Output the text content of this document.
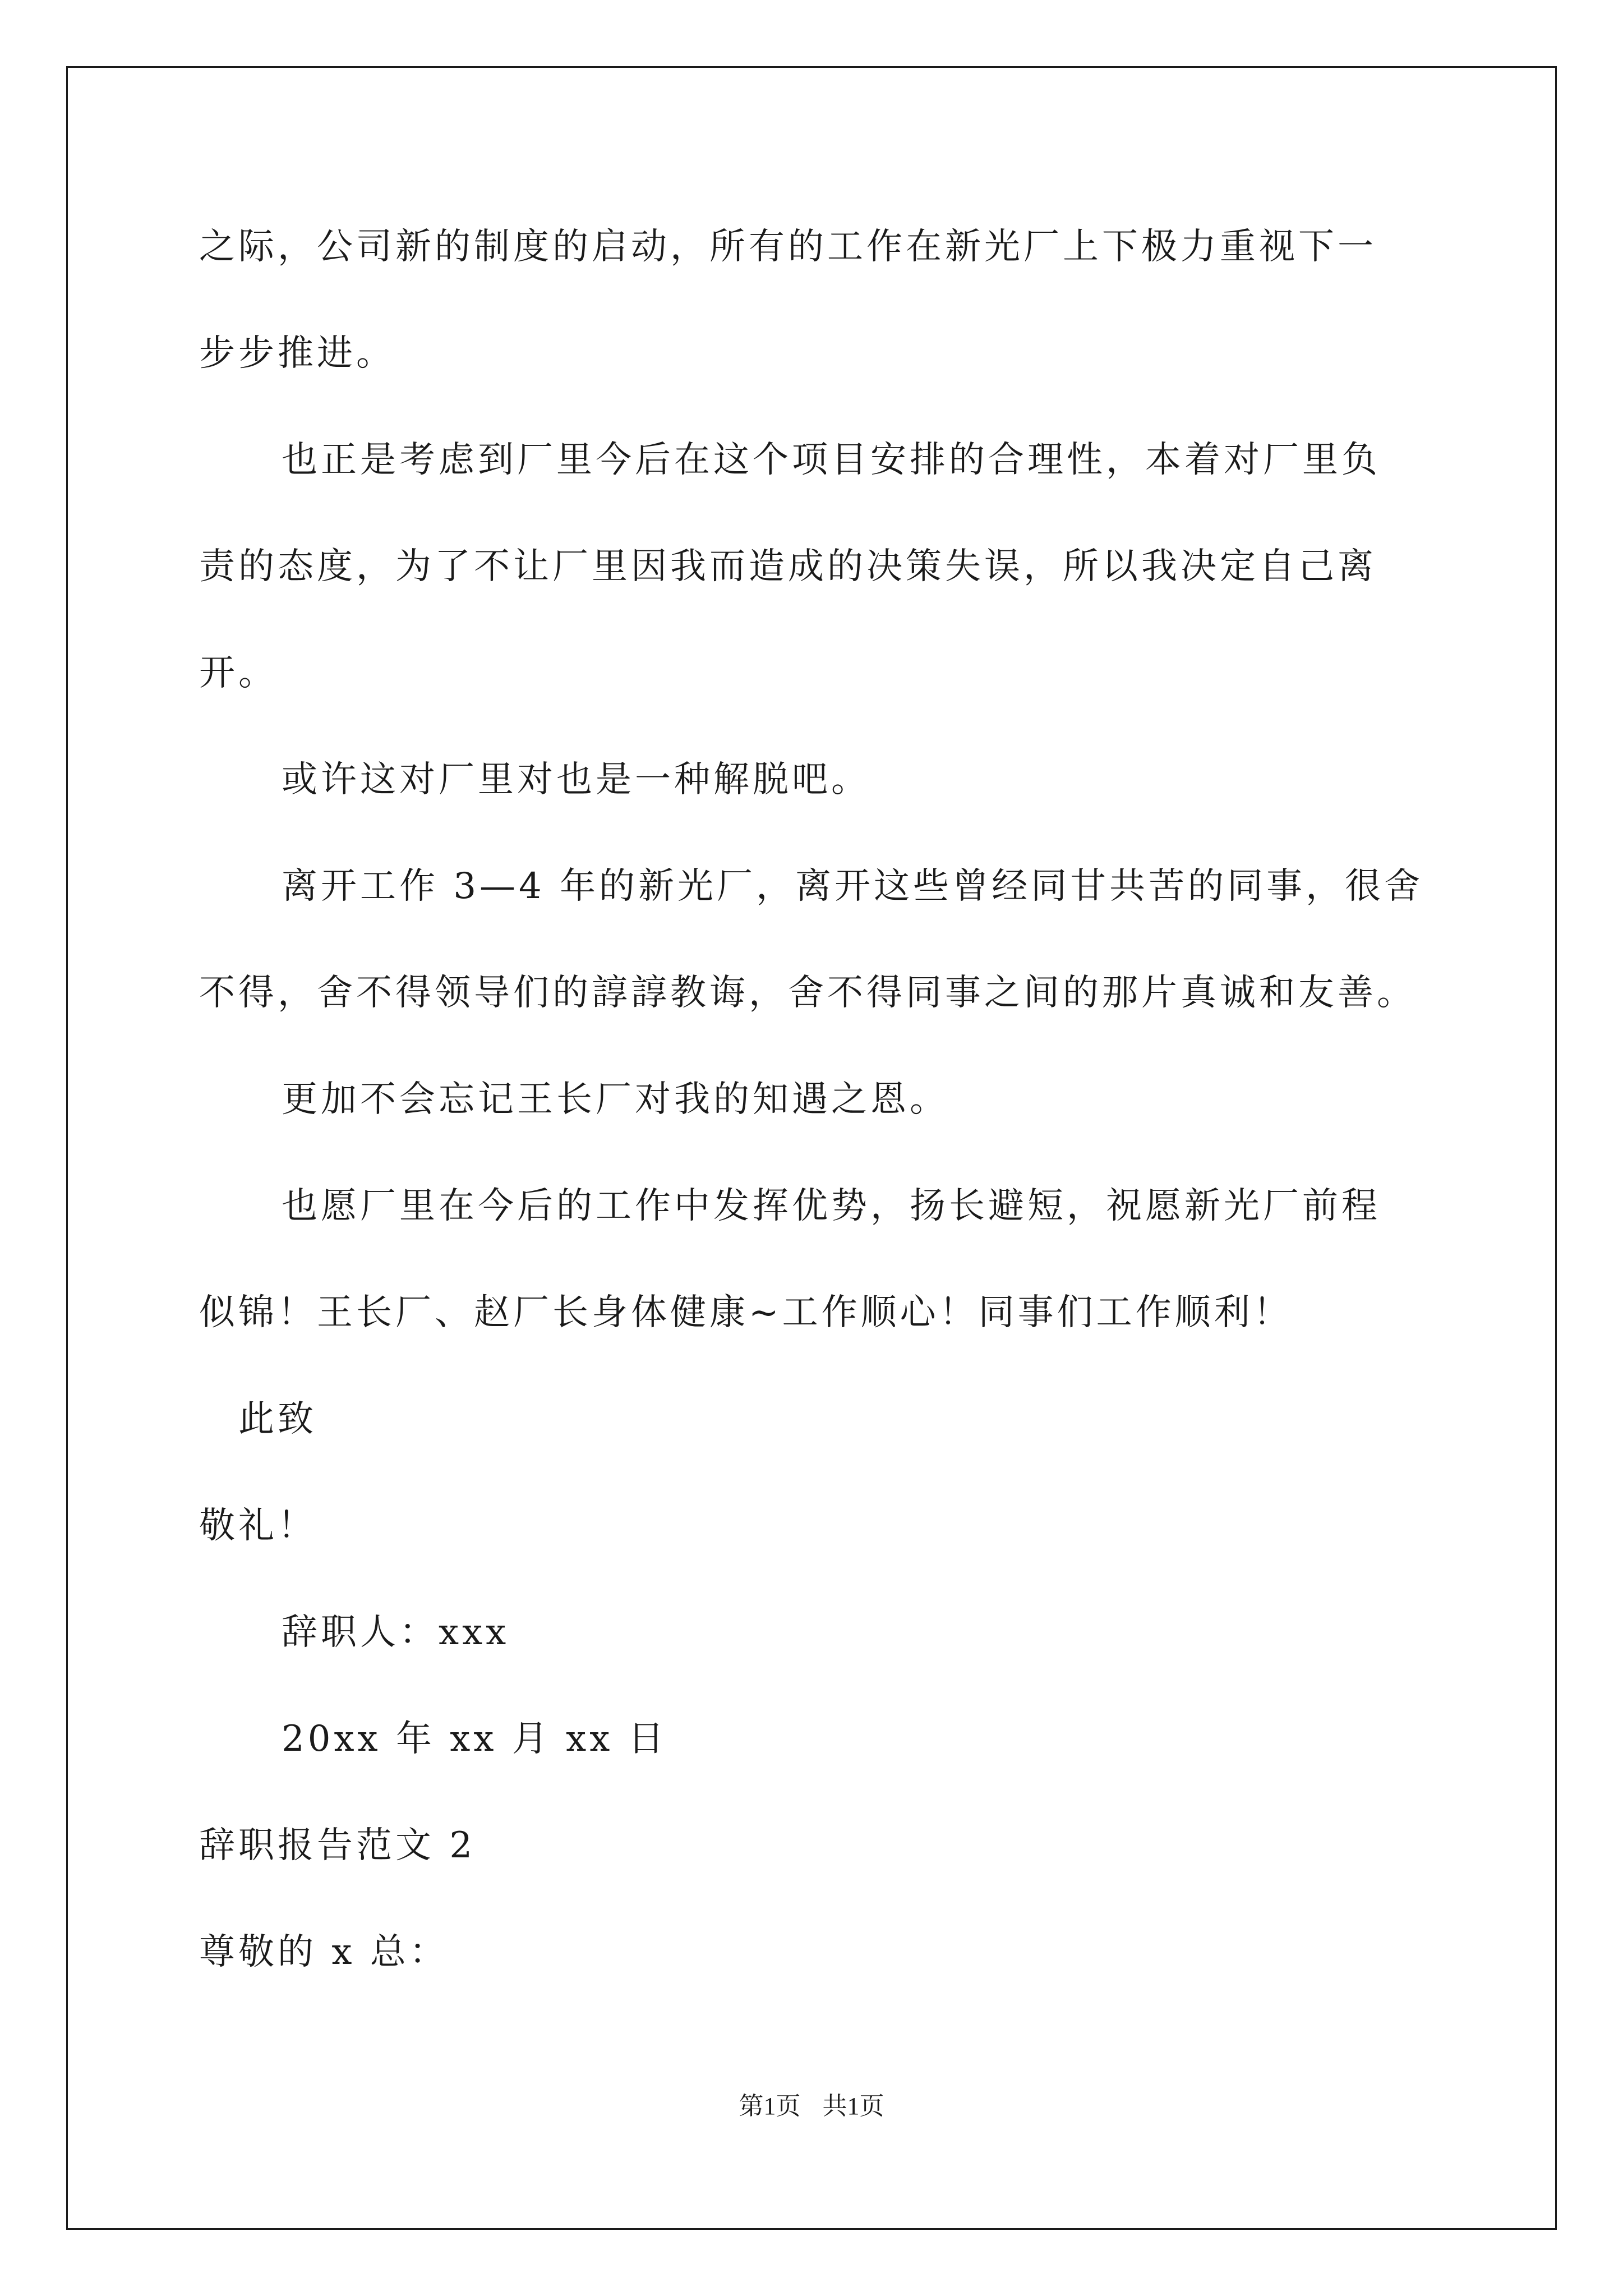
之际，公司新的制度的启动，所有的工作在新光厂上下极力重视下一
步步推进。
也正是考虑到厂里今后在这个项目安排的合理性，本着对厂里负
责的态度，为了不让厂里因我而造成的决策失误，所以我决定自己离
开。
或许这对厂里对也是一种解脱吧。
离开工作 3—4 年的新光厂，离开这些曾经同甘共苦的同事，很舍
不得，舍不得领导们的諄諄教诲，舍不得同事之间的那片真诚和友善。
更加不会忘记王长厂对我的知遇之恩。
也愿厂里在今后的工作中发挥优势，扬长避短，祝愿新光厂前程
似锦！王长厂、赵厂长身体健康~工作顺心！同事们工作顺利！
此致
敬礼！
辞职人：xxx
20xx 年 xx 月 xx 日
辞职报告范文 2
尊敬的 x 总：
第1页 共1页
